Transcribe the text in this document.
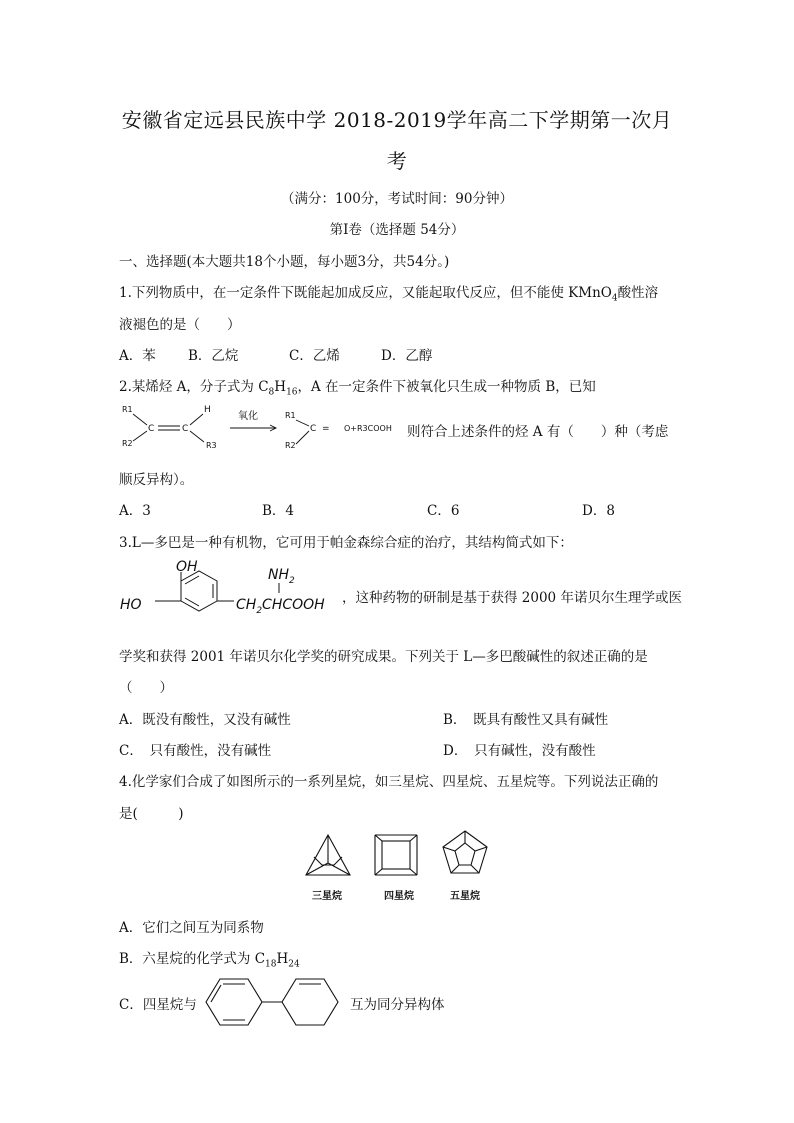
安徽省定远县民族中学 2018-2019学年高二下学期第一次月
考
（满分：100分，考试时间：90分钟）
第Ⅰ卷（选择题 54分）
一、选择题(本大题共18个小题，每小题3分，共54分。)
1.下列物质中，在一定条件下既能起加成反应，又能起取代反应，但不能使 KMnO$_4$酸性溶
液褪色的是（　　）
A．苯 B．乙烷	C．乙烯	D．乙醇
2.某烯烃 A，分子式为 $C_8H_{16}$，A 在一定条件下被氧化只生成一种物质 B，已知
R1
R2
C	C
H
R3
氧化	R1
R2
C = O+R3COOH 则符合上述条件的烃 A 有（　　）种（考虑
顺反异构）。
A．3	B．4	C．6	D．8
3.L—多巴是一种有机物，它可用于帕金森综合症的治疗，其结构简式如下：
OH
HO
$NH_2$
$CH_2CHCOOH$ ，这种药物的研制是基于获得 2000 年诺贝尔生理学或医
学奖和获得 2001 年诺贝尔化学奖的研究成果。下列关于 L—多巴酸碱性的叙述正确的是
（　　）
A．既没有酸性，又没有碱性	B．　既具有酸性又具有碱性
C．　只有酸性，没有碱性	D．　只有碱性，没有酸性
4.化学家们合成了如图所示的一系列星烷，如三星烷、四星烷、五星烷等。下列说法正确的
是(　　　)
三星烷	四星烷	五星烷
A．它们之间互为同系物
B．六星烷的化学式为 $C_{18}H_{24}$
C．四星烷与	互为同分异构体
